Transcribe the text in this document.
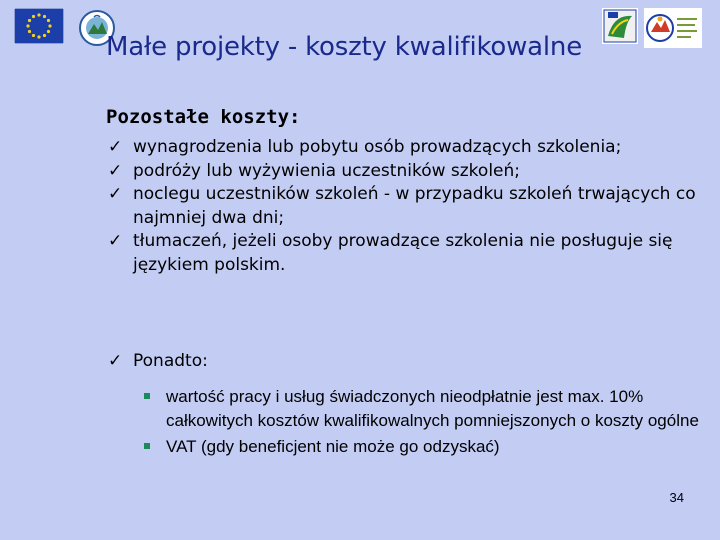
Małe projekty - koszty kwalifikowalne
Pozostałe koszty:
✓ wynagrodzenia lub pobytu osób prowadzących szkolenia;
✓ podróży lub wyżywienia uczestników szkoleń;
✓ noclegu uczestników szkoleń - w przypadku szkoleń trwających co najmniej dwa dni;
✓ tłumaczeń, jeżeli osoby prowadzące szkolenia nie posługuje się językiem polskim.
✓ Ponadto:
wartość pracy i usług świadczonych nieodpłatnie jest max. 10% całkowitych kosztów kwalifikowalnych pomniejszonych o koszty ogólne
VAT (gdy beneficjent nie może go odzyskać)
34
